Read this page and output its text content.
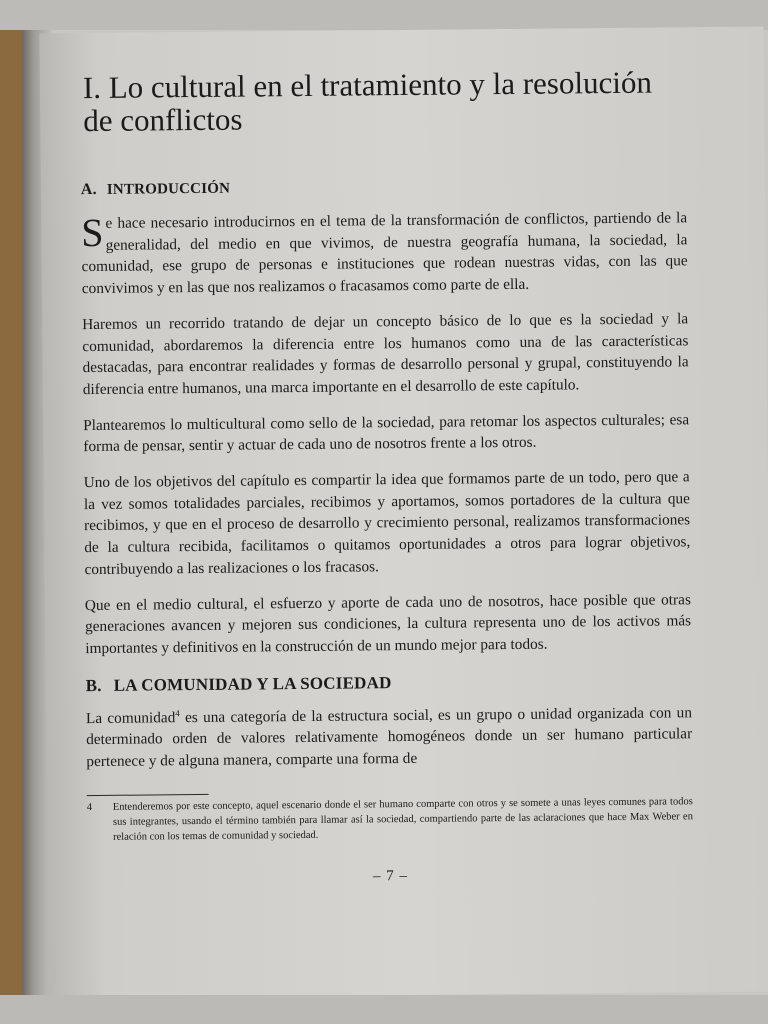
I. Lo cultural en el tratamiento y la resolución de conflictos
A. INTRODUCCIÓN

Se hace necesario introducirnos en el tema de la transformación de conflictos, partiendo de la generalidad, del medio en que vivimos, de nuestra geografía humana, la sociedad, la comunidad, ese grupo de personas e instituciones que rodean nuestras vidas, con las que convivimos y en las que nos realizamos o fracasamos como parte de ella.

Haremos un recorrido tratando de dejar un concepto básico de lo que es la sociedad y la comunidad, abordaremos la diferencia entre los humanos como una de las características destacadas, para encontrar realidades y formas de desarrollo personal y grupal, constituyendo la diferencia entre humanos, una marca importante en el desarrollo de este capítulo.

Plantearemos lo multicultural como sello de la sociedad, para retomar los aspectos culturales; esa forma de pensar, sentir y actuar de cada uno de nosotros frente a los otros.

Uno de los objetivos del capítulo es compartir la idea que formamos parte de un todo, pero que a la vez somos totalidades parciales, recibimos y aportamos, somos portadores de la cultura que recibimos, y que en el proceso de desarrollo y crecimiento personal, realizamos transformaciones de la cultura recibida, facilitamos o quitamos oportunidades a otros para lograr objetivos, contribuyendo a las realizaciones o los fracasos.

Que en el medio cultural, el esfuerzo y aporte de cada uno de nosotros, hace posible que otras generaciones avancen y mejoren sus condiciones, la cultura representa uno de los activos más importantes y definitivos en la construcción de un mundo mejor para todos.

B. LA COMUNIDAD Y LA SOCIEDAD

La comunidad$^4$ es una categoría de la estructura social, es un grupo o unidad organizada con un determinado orden de valores relativamente homogéneos donde un ser humano particular pertenece y de alguna manera, comparte una forma de

4	Entenderemos por este concepto, aquel escenario donde el ser humano comparte con otros y se somete a unas leyes comunes para todos sus integrantes, usando el término también para llamar así la sociedad, compartiendo parte de las aclaraciones que hace Max Weber en relación con los temas de comunidad y sociedad.
– 7 –
